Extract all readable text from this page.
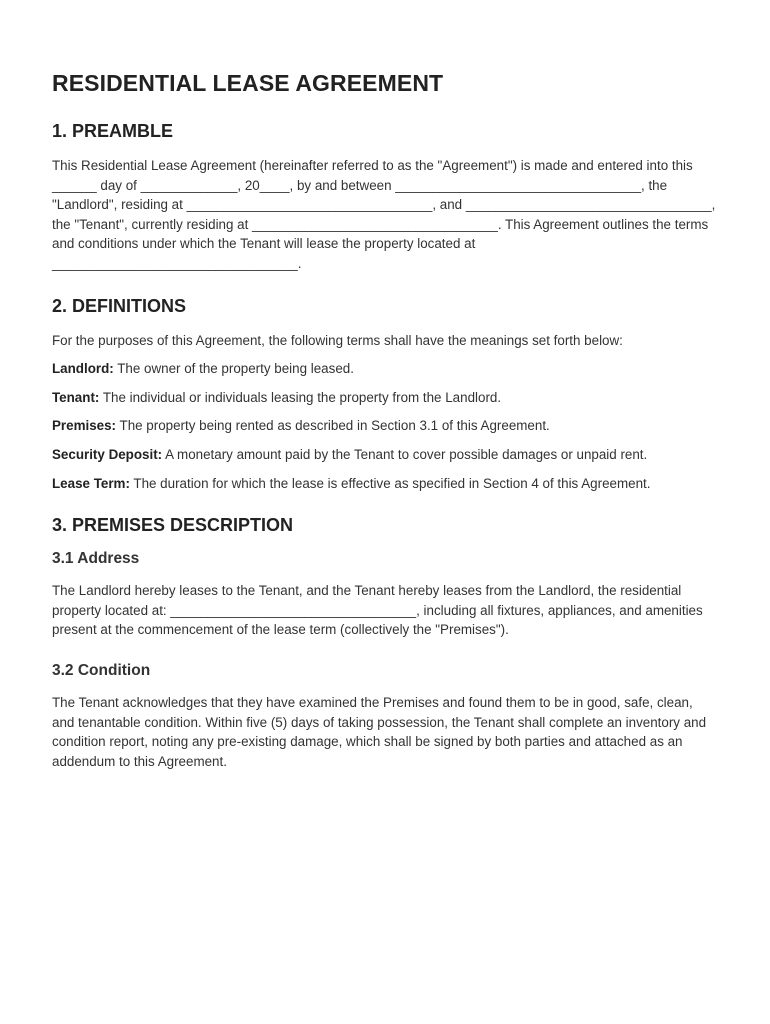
RESIDENTIAL LEASE AGREEMENT
1. PREAMBLE

This Residential Lease Agreement (hereinafter referred to as the "Agreement") is made and entered into this ______ day of _____________, 20____, by and between _________________________________, the "Landlord", residing at _________________________________, and _________________________________, the "Tenant", currently residing at _________________________________. This Agreement outlines the terms and conditions under which the Tenant will lease the property located at _________________________________.

2. DEFINITIONS

For the purposes of this Agreement, the following terms shall have the meanings set forth below:

Landlord: The owner of the property being leased.

Tenant: The individual or individuals leasing the property from the Landlord.

Premises: The property being rented as described in Section 3.1 of this Agreement.

Security Deposit: A monetary amount paid by the Tenant to cover possible damages or unpaid rent.

Lease Term: The duration for which the lease is effective as specified in Section 4 of this Agreement.

3. PREMISES DESCRIPTION
3.1 Address

The Landlord hereby leases to the Tenant, and the Tenant hereby leases from the Landlord, the residential property located at: _________________________________, including all fixtures, appliances, and amenities present at the commencement of the lease term (collectively the "Premises").

3.2 Condition

The Tenant acknowledges that they have examined the Premises and found them to be in good, safe, clean, and tenantable condition. Within five (5) days of taking possession, the Tenant shall complete an inventory and condition report, noting any pre-existing damage, which shall be signed by both parties and attached as an addendum to this Agreement.
